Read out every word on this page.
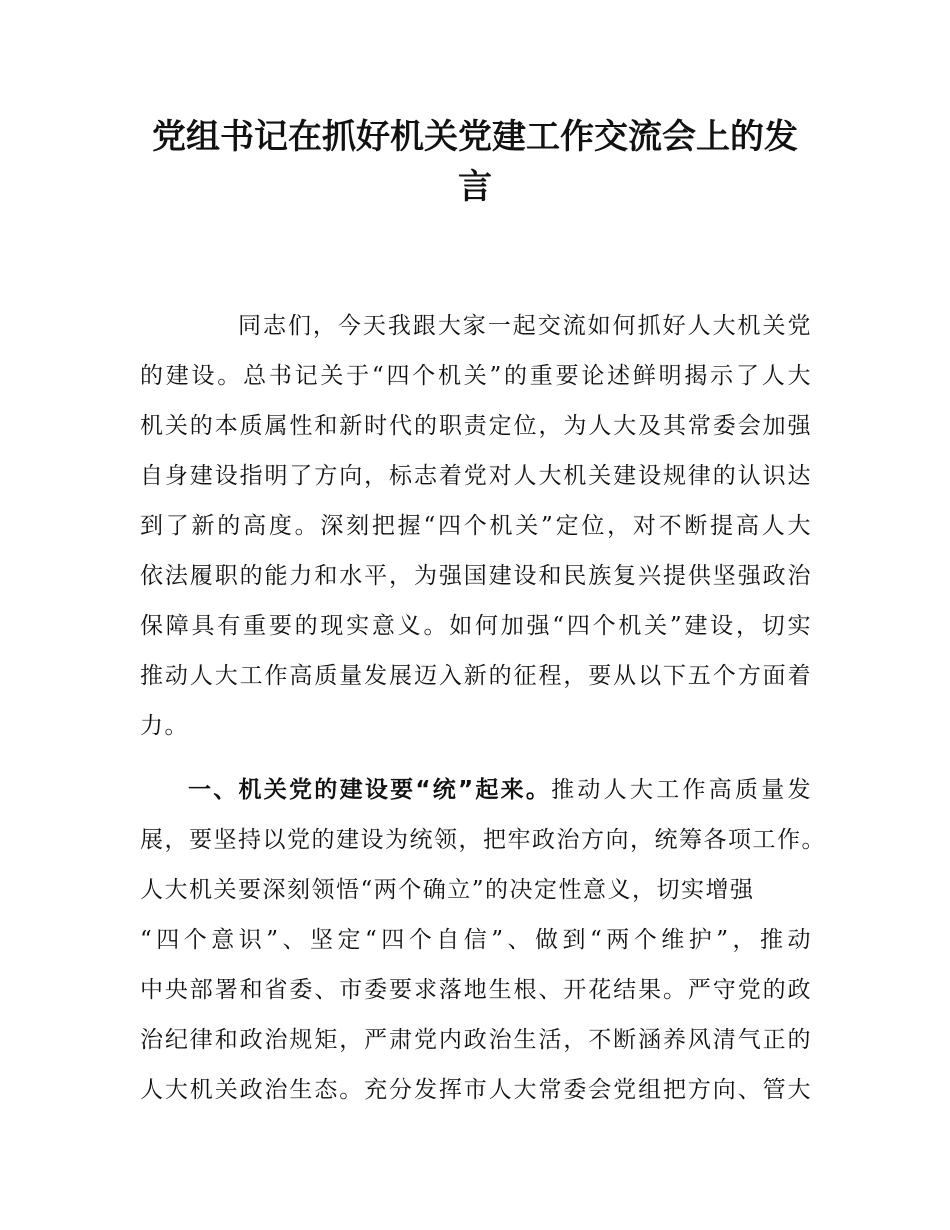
党组书记在抓好机关党建工作交流会上的发
言
同志们，今天我跟大家一起交流如何抓好人大机关党
的建设。总书记关于“四个机关”的重要论述鲜明揭示了人大
机关的本质属性和新时代的职责定位，为人大及其常委会加强
自身建设指明了方向，标志着党对人大机关建设规律的认识达
到了新的高度。深刻把握“四个机关”定位，对不断提高人大
依法履职的能力和水平，为强国建设和民族复兴提供坚强政治
保障具有重要的现实意义。如何加强“四个机关”建设，切实
推动人大工作高质量发展迈入新的征程，要从以下五个方面着
力。
一、机关党的建设要“统”起来。推动人大工作高质量发
展，要坚持以党的建设为统领，把牢政治方向，统筹各项工作。
人大机关要深刻领悟“两个确立”的决定性意义，切实增强
“四个意识”、坚定“四个自信”、做到“两个维护”，推动
中央部署和省委、市委要求落地生根、开花结果。严守党的政
治纪律和政治规矩，严肃党内政治生活，不断涵养风清气正的
人大机关政治生态。充分发挥市人大常委会党组把方向、管大
